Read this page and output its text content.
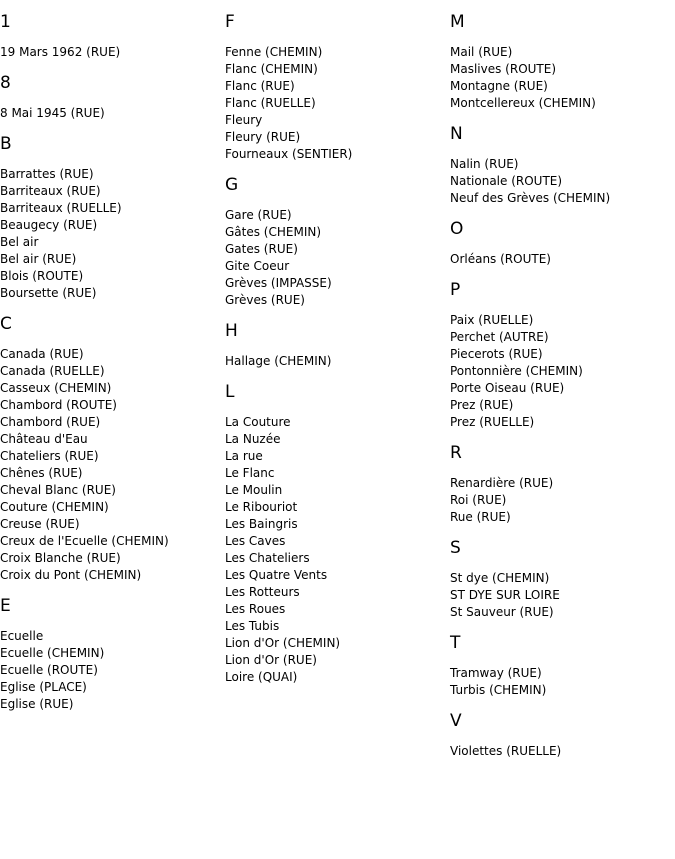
1
19 Mars 1962 (RUE)
8
8 Mai 1945 (RUE)
B
Barrattes (RUE)
Barriteaux (RUE)
Barriteaux (RUELLE)
Beaugecy (RUE)
Bel air
Bel air (RUE)
Blois (ROUTE)
Boursette (RUE)
C
Canada (RUE)
Canada (RUELLE)
Casseux (CHEMIN)
Chambord (ROUTE)
Chambord (RUE)
Château d'Eau
Chateliers (RUE)
Chênes (RUE)
Cheval Blanc (RUE)
Couture (CHEMIN)
Creuse (RUE)
Creux de l'Ecuelle (CHEMIN)
Croix Blanche (RUE)
Croix du Pont (CHEMIN)
E
Ecuelle
Ecuelle (CHEMIN)
Ecuelle (ROUTE)
Eglise (PLACE)
Eglise (RUE)
F
Fenne (CHEMIN)
Flanc (CHEMIN)
Flanc (RUE)
Flanc (RUELLE)
Fleury
Fleury (RUE)
Fourneaux (SENTIER)
G
Gare (RUE)
Gâtes (CHEMIN)
Gates (RUE)
Gite Coeur
Grèves (IMPASSE)
Grèves (RUE)
H
Hallage (CHEMIN)
L
La Couture
La Nuzée
La rue
Le Flanc
Le Moulin
Le Ribouriot
Les Baingris
Les Caves
Les Chateliers
Les Quatre Vents
Les Rotteurs
Les Roues
Les Tubis
Lion d'Or (CHEMIN)
Lion d'Or (RUE)
Loire (QUAI)
M
Mail (RUE)
Maslives (ROUTE)
Montagne (RUE)
Montcellereux (CHEMIN)
N
Nalin (RUE)
Nationale (ROUTE)
Neuf des Grèves (CHEMIN)
O
Orléans (ROUTE)
P
Paix (RUELLE)
Perchet (AUTRE)
Piecerots (RUE)
Pontonnière (CHEMIN)
Porte Oiseau (RUE)
Prez (RUE)
Prez (RUELLE)
R
Renardière (RUE)
Roi (RUE)
Rue (RUE)
S
St dye (CHEMIN)
ST DYE SUR LOIRE
St Sauveur (RUE)
T
Tramway (RUE)
Turbis (CHEMIN)
V
Violettes (RUELLE)
